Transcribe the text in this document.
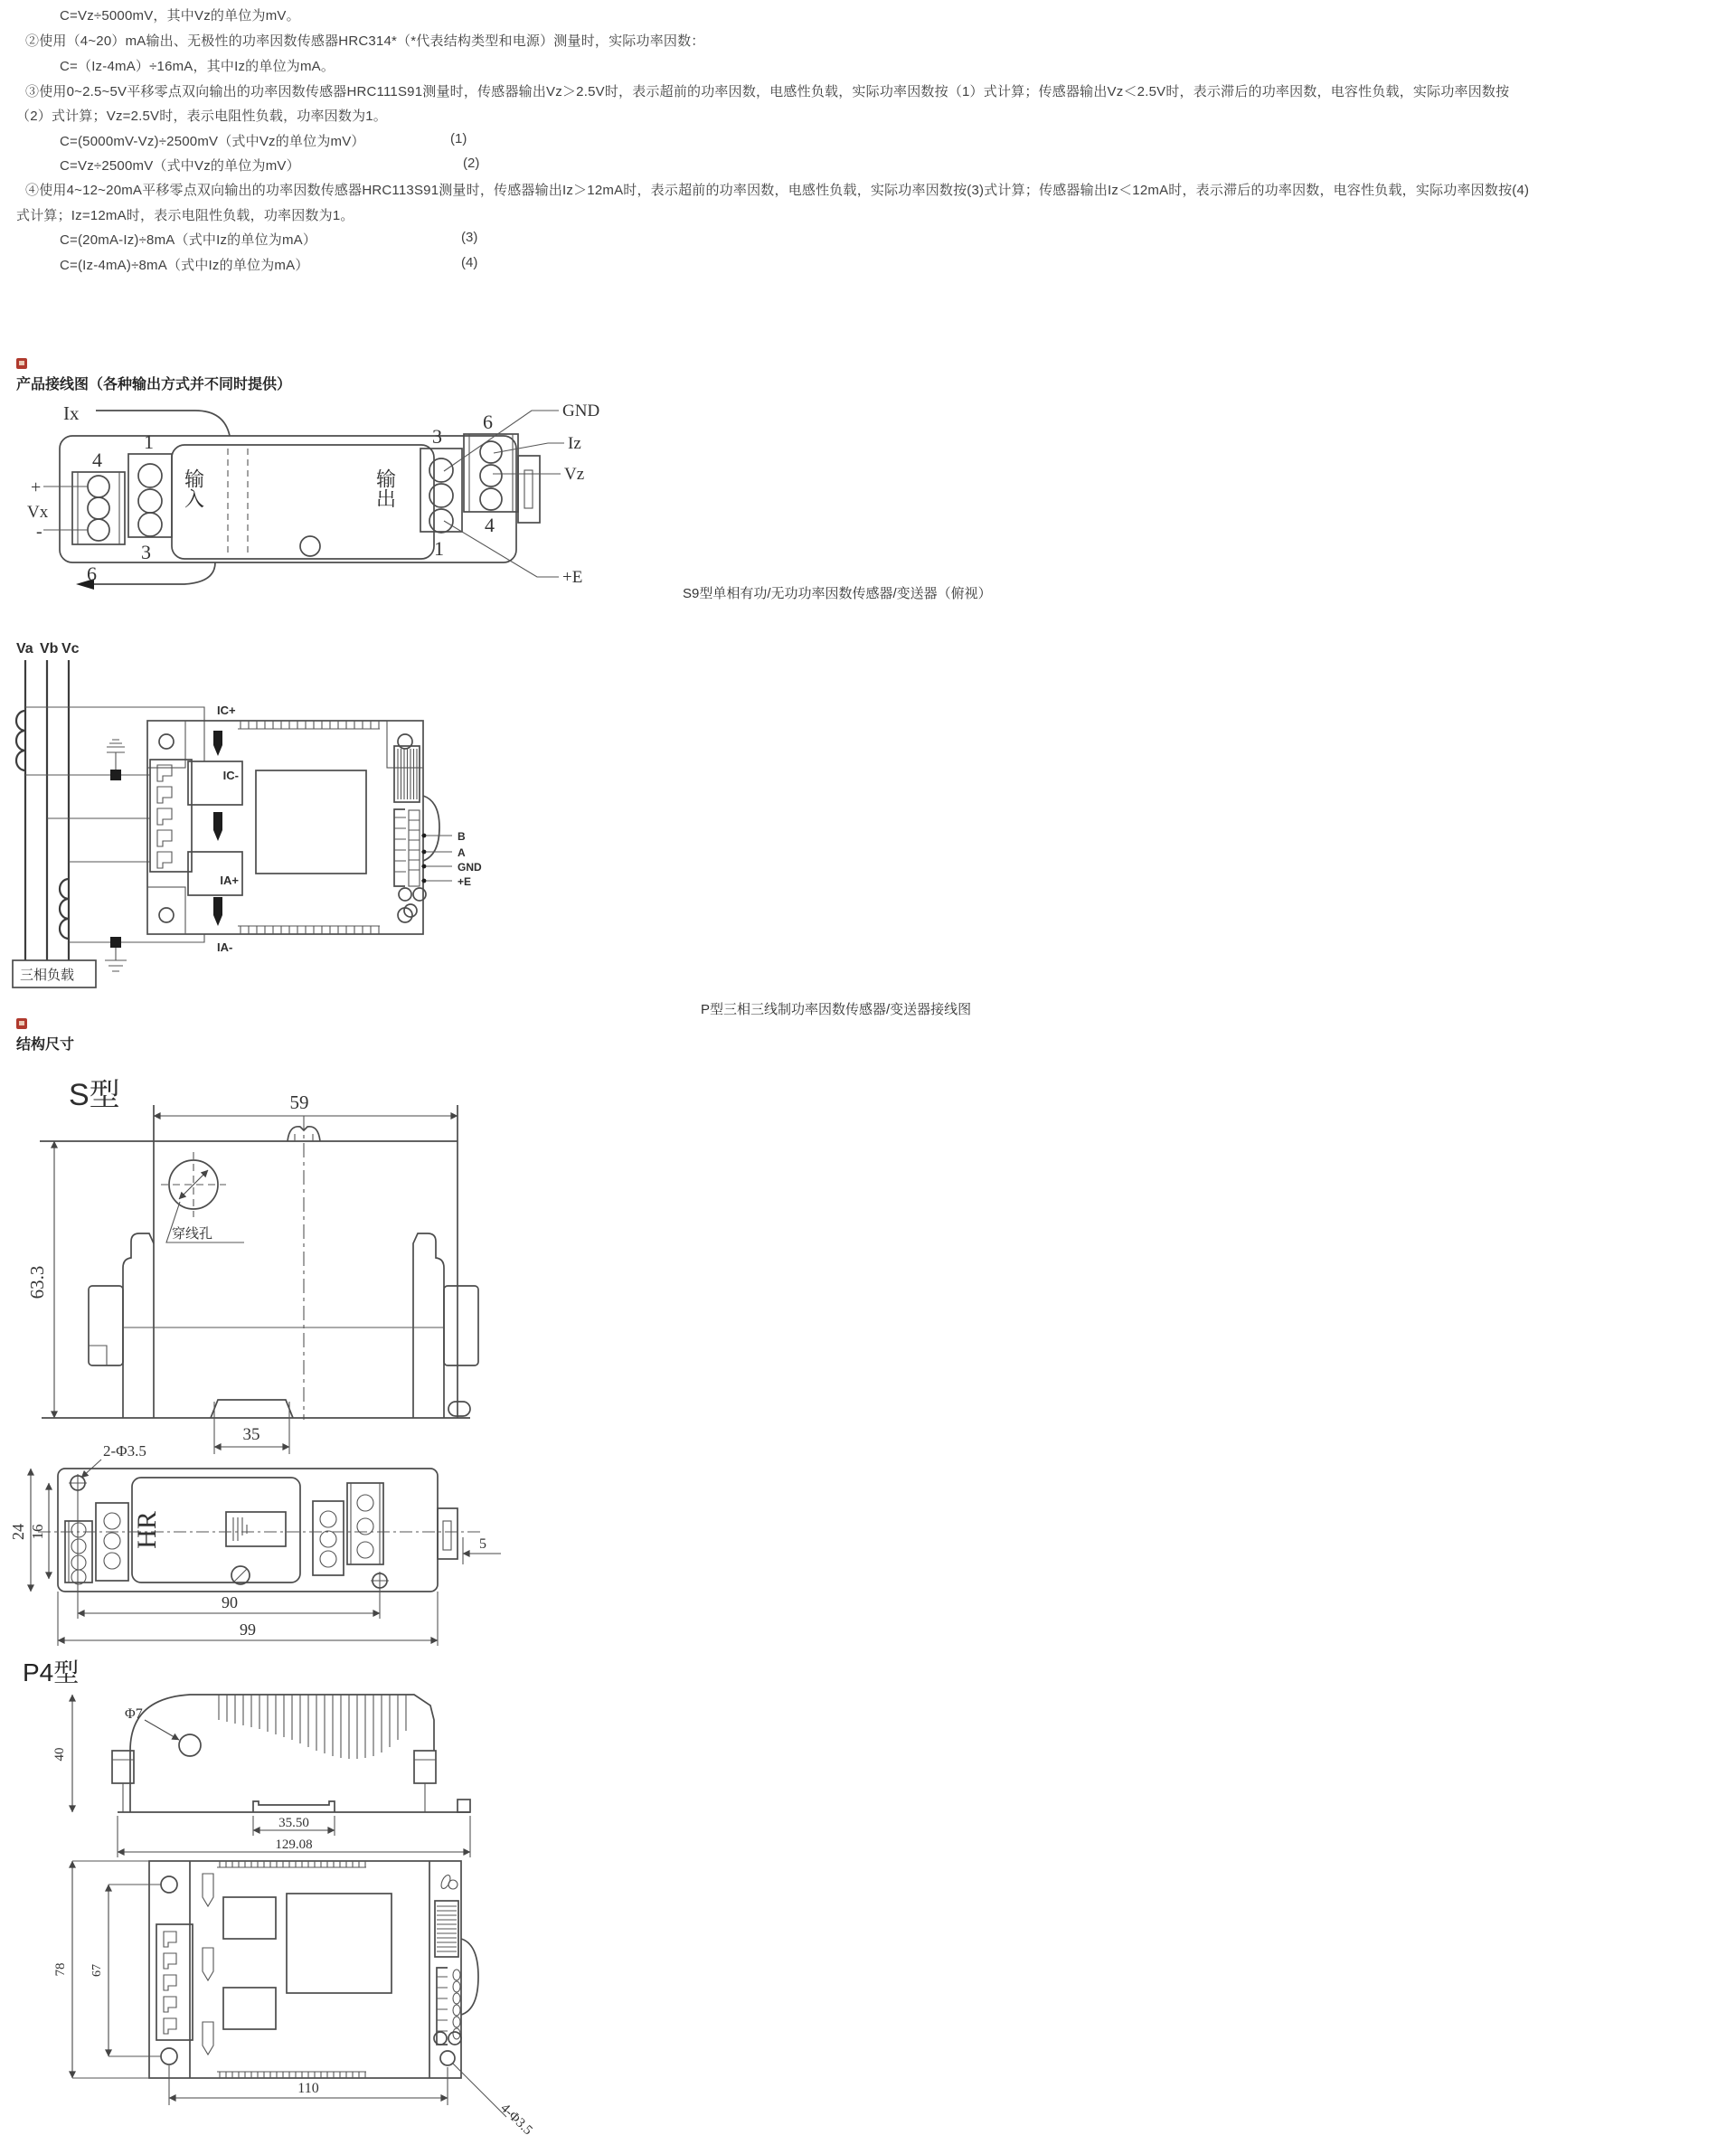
C=Vz÷5000mV，其中Vz的单位为mV。
②使用（4~20）mA输出、无极性的功率因数传感器HRC314*（*代表结构类型和电源）测量时，实际功率因数：
C=（Iz-4mA）÷16mA，其中Iz的单位为mA。
③使用0~2.5~5V平移零点双向输出的功率因数传感器HRC111S91测量时，传感器输出Vz＞2.5V时，表示超前的功率因数，电感性负载，实际功率因数按（1）式计算；传感器输出Vz＜2.5V时，表示滞后的功率因数，电容性负载，实际功率因数按
（2）式计算；Vz=2.5V时，表示电阻性负载，功率因数为1。
C=(5000mV-Vz)÷2500mV（式中Vz的单位为mV）	(1)
C=Vz÷2500mV（式中Vz的单位为mV）	(2)
④使用4~12~20mA平移零点双向输出的功率因数传感器HRC113S91测量时，传感器输出Iz＞12mA时，表示超前的功率因数，电感性负载，实际功率因数按(3)式计算；传感器输出Iz＜12mA时，表示滞后的功率因数，电容性负载，实际功率因数按(4)
式计算；Iz=12mA时，表示电阻性负载，功率因数为1。
C=(20mA-Iz)÷8mA（式中Iz的单位为mA）	(3)
C=(Iz-4mA)÷8mA（式中Iz的单位为mA）	(4)
产品接线图（各种输出方式并不同时提供）
Ix
4
+
Vx
-
6
1
3
输入	输出
3
1
6
4
GND
Iz
Vz
+E
S9型单相有功/无功功率因数传感器/变送器（俯视）
Va Vb Vc
IC+
IC-
IA+
IA-
B
A
GND
+E
三相负载
P型三相三线制功率因数传感器/变送器接线图
结构尺寸
S型	59
63.3
35
穿线孔
2-Φ3.5
24 16	HR	5
90
99
P4型
40
Φ7
35.50
129.08
78 67
110
4-Φ3.5
